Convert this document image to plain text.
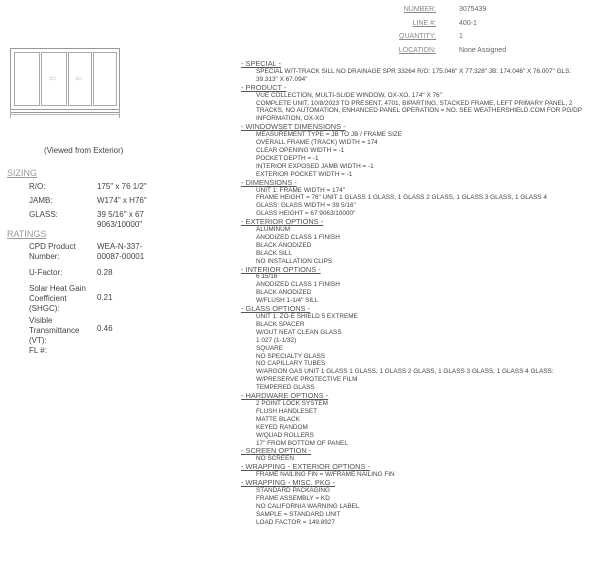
NUMBER:	3075439
LINE #:	400-1
QUANTITY:	1
LOCATION:	None Assigned
⇦ ⇦
(Viewed from Exterior)
SIZING
R/O:	175" x 76 1/2"
JAMB:	W174" x H76"
GLASS:	39 5/16" x 67 9063/10000"
RATINGS
CPD Product Number:
WEA-N-337-00087-00001
U-Factor:	0.28
Solar Heat Gain Coefficient (SHGC):
0.21
Visible Transmittance (VT):
0.46
FL #:
- SPECIAL -
SPECIAL W/T-TRACK SILL NO DRAINAGE SPR 33264 R/O: 175.046" X 77.328" JB: 174.046" X 76.007" GLS: 39.313" X 67.094"
- PRODUCT -
VUE COLLECTION, MULTI-SLIDE WINDOW, OX-XO, 174" X 76"
COMPLETE UNIT, 10/8/2023 TO PRESENT, 4701, BIPARTING, STACKED FRAME, LEFT PRIMARY PANEL, 2 TRACKS, NO AUTOMATION, ENHANCED PANEL OPERATION = NO. SEE WEATHERSHIELD.COM FOR PG/DP INFORMATION, OX-XO
- WINDOWSET DIMENSIONS -
MEASUREMENT TYPE = JB TO JB / FRAME SIZE
OVERALL FRAME (TRACK) WIDTH = 174
CLEAR OPENING WIDTH = -1
POCKET DEPTH = -1
INTERIOR EXPOSED JAMB WIDTH = -1
EXTERIOR POCKET WIDTH = -1
- DIMENSIONS -
UNIT 1: FRAME WIDTH = 174"
FRAME HEIGHT = 76" UNIT 1 GLASS 1 GLASS, 1 GLASS 2 GLASS, 1 GLASS 3 GLASS, 1 GLASS 4
GLASS: GLASS WIDTH = 39 5/16"
GLASS HEIGHT = 67 9063/10000"
- EXTERIOR OPTIONS -
ALUMINUM
ANODIZED CLASS 1 FINISH
BLACK ANODIZED
BLACK SILL
NO INSTALLATION CLIPS
- INTERIOR OPTIONS -
6 15/16
ANODIZED CLASS 1 FINISH
BLACK ANODIZED
W/FLUSH 1-1/4" SILL
- GLASS OPTIONS -
UNIT 1: ZO-E SHIELD 5 EXTREME
BLACK SPACER
W/OUT NEAT CLEAN GLASS
1 027 (1-1/32)
SQUARE
NO SPECIALTY GLASS
NO CAPILLARY TUBES
W/ARGON GAS UNIT 1 GLASS 1 GLASS, 1 GLASS 2 GLASS, 1 GLASS 3 GLASS, 1 GLASS 4 GLASS: W/PRESERVE PROTECTIVE FILM
TEMPERED GLASS
- HARDWARE OPTIONS -
2 POINT LOCK SYSTEM
FLUSH HANDLESET
MATTE BLACK
KEYED RANDOM
W/QUAD ROLLERS
17" FROM BOTTOM OF PANEL
- SCREEN OPTION -
NO SCREEN
- WRAPPING - EXTERIOR OPTIONS -
FRAME NAILING FIN = W/FRAME NAILING FIN
- WRAPPING - MISC. PKG -
STANDARD PACKAGING
FRAME ASSEMBLY = KD
NO CALIFORNIA WARNING LABEL
SAMPLE = STANDARD UNIT
LOAD FACTOR = 149.8927
